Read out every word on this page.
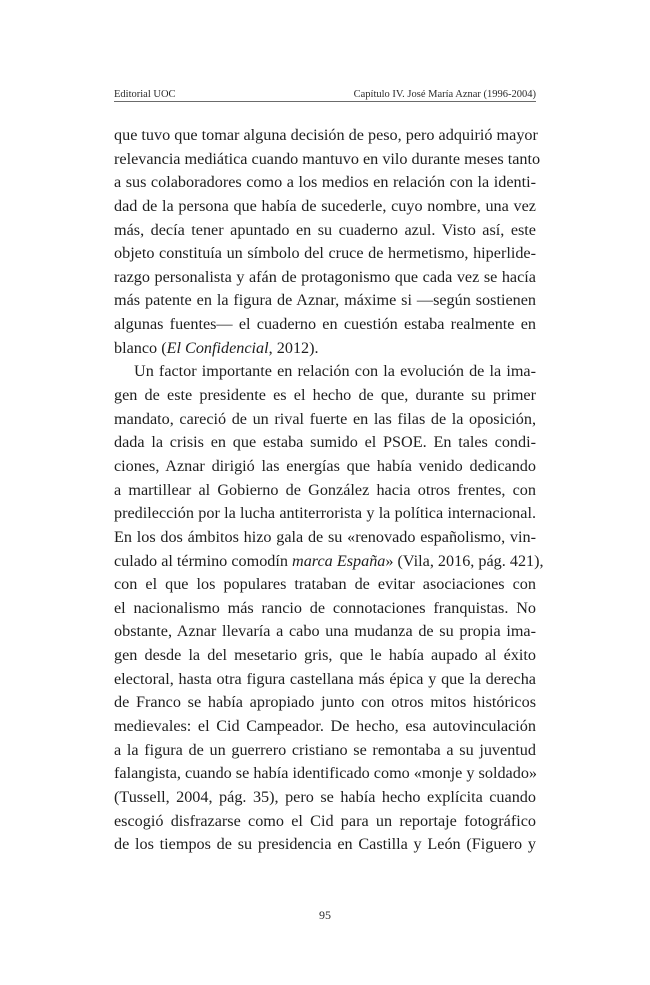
Editorial UOC	Capítulo IV. José María Aznar (1996-2004)
que tuvo que tomar alguna decisión de peso, pero adquirió mayor
relevancia mediática cuando mantuvo en vilo durante meses tanto
a sus colaboradores como a los medios en relación con la identi-
dad de la persona que había de sucederle, cuyo nombre, una vez
más, decía tener apuntado en su cuaderno azul. Visto así, este
objeto constituía un símbolo del cruce de hermetismo, hiperlide-
razgo personalista y afán de protagonismo que cada vez se hacía
más patente en la figura de Aznar, máxime si —según sostienen
algunas fuentes— el cuaderno en cuestión estaba realmente en
blanco (El Confidencial, 2012).
Un factor importante en relación con la evolución de la ima-
gen de este presidente es el hecho de que, durante su primer
mandato, careció de un rival fuerte en las filas de la oposición,
dada la crisis en que estaba sumido el PSOE. En tales condi-
ciones, Aznar dirigió las energías que había venido dedicando
a martillear al Gobierno de González hacia otros frentes, con
predilección por la lucha antiterrorista y la política internacional.
En los dos ámbitos hizo gala de su «renovado españolismo, vin-
culado al término comodín marca España» (Vila, 2016, pág. 421),
con el que los populares trataban de evitar asociaciones con
el nacionalismo más rancio de connotaciones franquistas. No
obstante, Aznar llevaría a cabo una mudanza de su propia ima-
gen desde la del mesetario gris, que le había aupado al éxito
electoral, hasta otra figura castellana más épica y que la derecha
de Franco se había apropiado junto con otros mitos históricos
medievales: el Cid Campeador. De hecho, esa autovinculación
a la figura de un guerrero cristiano se remontaba a su juventud
falangista, cuando se había identificado como «monje y soldado»
(Tussell, 2004, pág. 35), pero se había hecho explícita cuando
escogió disfrazarse como el Cid para un reportaje fotográfico
de los tiempos de su presidencia en Castilla y León (Figuero y
95
